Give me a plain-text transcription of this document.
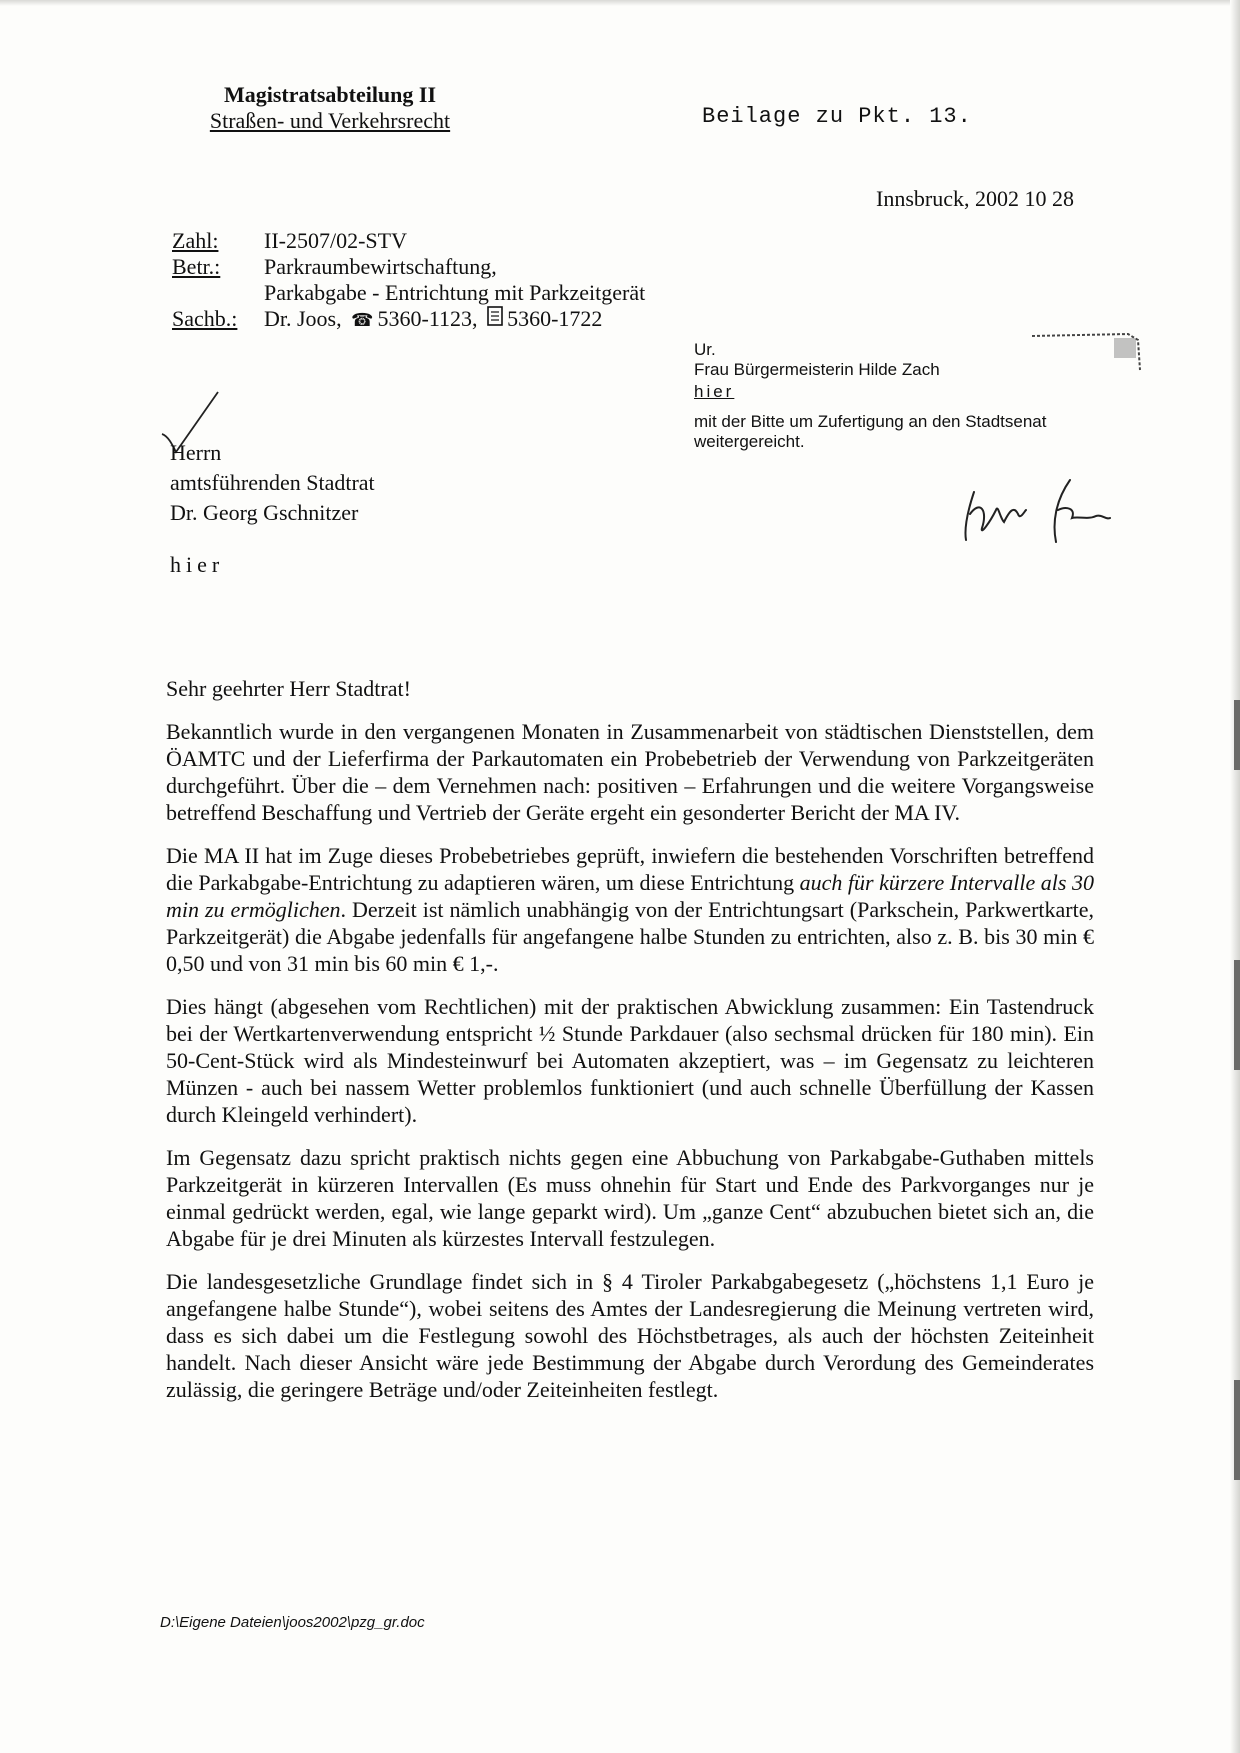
Magistratsabteilung II
Straßen- und Verkehrsrecht	Beilage zu Pkt. 13.
Innsbruck, 2002 10 28
Zahl:	II-2507/02-STV
Betr.:	Parkraumbewirtschaftung,
Parkabgabe - Entrichtung mit Parkzeitgerät
Sachb.:	Dr. Joos, ☎ 5360-1123, 5360-1722
Ur.
Frau Bürgermeisterin Hilde Zach
hier
mit der Bitte um Zufertigung an den Stadtsenat
weitergereicht.
Herrn
amtsführenden Stadtrat
Dr. Georg Gschnitzer
hier
Sehr geehrter Herr Stadtrat!

Bekanntlich wurde in den vergangenen Monaten in Zusammenarbeit von städtischen Dienststellen, dem ÖAMTC und der Lieferfirma der Parkautomaten ein Probebetrieb der Verwendung von Parkzeitgeräten durchgeführt. Über die – dem Vernehmen nach: positiven – Erfahrungen und die weitere Vorgangsweise betreffend Beschaffung und Vertrieb der Geräte ergeht ein gesonderter Bericht der MA IV.

Die MA II hat im Zuge dieses Probebetriebes geprüft, inwiefern die bestehenden Vorschriften betreffend die Parkabgabe-Entrichtung zu adaptieren wären, um diese Entrichtung auch für kürzere Intervalle als 30 min zu ermöglichen. Derzeit ist nämlich unabhängig von der Entrichtungsart (Parkschein, Parkwertkarte, Parkzeitgerät) die Abgabe jedenfalls für angefangene halbe Stunden zu entrichten, also z. B. bis 30 min € 0,50 und von 31 min bis 60 min € 1,-.

Dies hängt (abgesehen vom Rechtlichen) mit der praktischen Abwicklung zusammen: Ein Tastendruck bei der Wertkartenverwendung entspricht ½ Stunde Parkdauer (also sechsmal drücken für 180 min). Ein 50-Cent-Stück wird als Mindesteinwurf bei Automaten akzeptiert, was – im Gegensatz zu leichteren Münzen - auch bei nassem Wetter problemlos funktioniert (und auch schnelle Überfüllung der Kassen durch Kleingeld verhindert).

Im Gegensatz dazu spricht praktisch nichts gegen eine Abbuchung von Parkabgabe-Guthaben mittels Parkzeitgerät in kürzeren Intervallen (Es muss ohnehin für Start und Ende des Parkvorganges nur je einmal gedrückt werden, egal, wie lange geparkt wird). Um „ganze Cent“ abzubuchen bietet sich an, die Abgabe für je drei Minuten als kürzestes Intervall festzulegen.

Die landesgesetzliche Grundlage findet sich in § 4 Tiroler Parkabgabegesetz („höchstens 1,1 Euro je angefangene halbe Stunde“), wobei seitens des Amtes der Landesregierung die Meinung vertreten wird, dass es sich dabei um die Festlegung sowohl des Höchstbetrages, als auch der höchsten Zeiteinheit handelt. Nach dieser Ansicht wäre jede Bestimmung der Abgabe durch Verordung des Gemeinderates zulässig, die geringere Beträge und/oder Zeiteinheiten festlegt.

D:\Eigene Dateien\joos2002\pzg_gr.doc
